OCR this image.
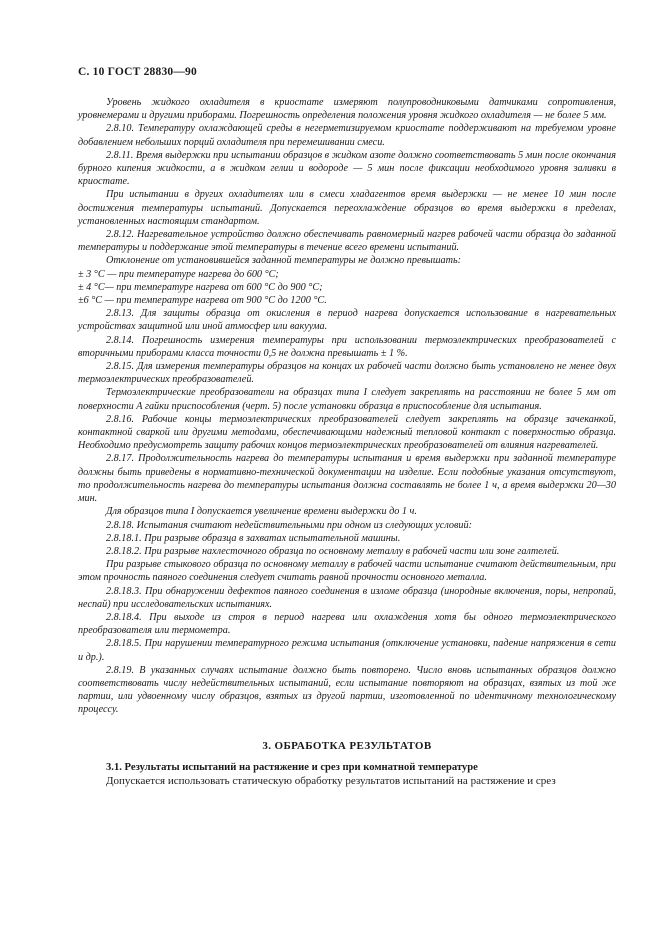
С. 10 ГОСТ 28830—90

Уровень жидкого охладителя в криостате измеряют полупроводниковыми датчиками сопротивления, уровнемерами и другими приборами. Погрешность определения положения уровня жидкого охладителя — не более 5 мм.

2.8.10. Температуру охлаждающей среды в негерметизируемом криостате поддерживают на требуемом уровне добавлением небольших порций охладителя при перемешивании смеси.

2.8.11. Время выдержки при испытании образцов в жидком азоте должно соответствовать 5 мин после окончания бурного кипения жидкости, а в жидком гелии и водороде — 5 мин после фиксации необходимого уровня заливки в криостате.

При испытании в других охладителях или в смеси хладагентов время выдержки — не менее 10 мин после достижения температуры испытаний. Допускается переохлаждение образцов во время выдержки в пределах, установленных настоящим стандартом.

2.8.12. Нагревательное устройство должно обеспечивать равномерный нагрев рабочей части образца до заданной температуры и поддержание этой температуры в течение всего времени испытаний.

Отклонение от установившейся заданной температуры не должно превышать:

± 3 °С — при температуре нагрева до 600 °С;

± 4 °С— при температуре нагрева от 600 °С до 900 °С;

±6 °С — при температуре нагрева от 900 °С до 1200 °С.

2.8.13. Для защиты образца от окисления в период нагрева допускается использование в нагревательных устройствах защитной или иной атмосфер или вакуума.

2.8.14. Погрешность измерения температуры при использовании термоэлектрических преобразователей с вторичными приборами класса точности 0,5 не должна превышать ± 1 %.

2.8.15. Для измерения температуры образцов на концах их рабочей части должно быть установлено не менее двух термоэлектрических преобразователей.

Термоэлектрические преобразователи на образцах типа I следует закреплять на расстоянии не более 5 мм от поверхности А гайки приспособления (черт. 5) после установки образца в приспособление для испытания.

2.8.16. Рабочие концы термоэлектрических преобразователей следует закреплять на образце зачеканкой, контактной сваркой или другими методами, обеспечивающими надежный тепловой контакт с поверхностью образца. Необходимо предусмотреть защиту рабочих концов термоэлектрических преобразователей от влияния нагревателей.

2.8.17. Продолжительность нагрева до температуры испытания и время выдержки при заданной температуре должны быть приведены в нормативно-технической документации на изделие. Если подобные указания отсутствуют, то продолжительность нагрева до температуры испытания должна составлять не более 1 ч, а время выдержки 20—30 мин.

Для образцов типа I допускается увеличение времени выдержки до 1 ч.

2.8.18. Испытания считают недействительными при одном из следующих условий:

2.8.18.1. При разрыве образца в захватах испытательной машины.

2.8.18.2. При разрыве нахлесточного образца по основному металлу в рабочей части или зоне галтелей.

При разрыве стыкового образца по основному металлу в рабочей части испытание считают действительным, при этом прочность паяного соединения следует считать равной прочности основного металла.

2.8.18.3. При обнаружении дефектов паяного соединения в изломе образца (инородные включения, поры, непропай, неспай) при исследовательских испытаниях.

2.8.18.4. При выходе из строя в период нагрева или охлаждения хотя бы одного термоэлектрического преобразователя или термометра.

2.8.18.5. При нарушении температурного режима испытания (отключение установки, падение напряжения в сети и др.).

2.8.19. В указанных случаях испытание должно быть повторено. Число вновь испытанных образцов должно соответствовать числу недействительных испытаний, если испытание повторяют на образцах, взятых из той же партии, или удвоенному числу образцов, взятых из другой партии, изготовленной по идентичному технологическому процессу.

3. ОБРАБОТКА РЕЗУЛЬТАТОВ
3.1. Результаты испытаний на растяжение и срез при комнатной температуре
Допускается использовать статическую обработку результатов испытаний на растяжение и срез
